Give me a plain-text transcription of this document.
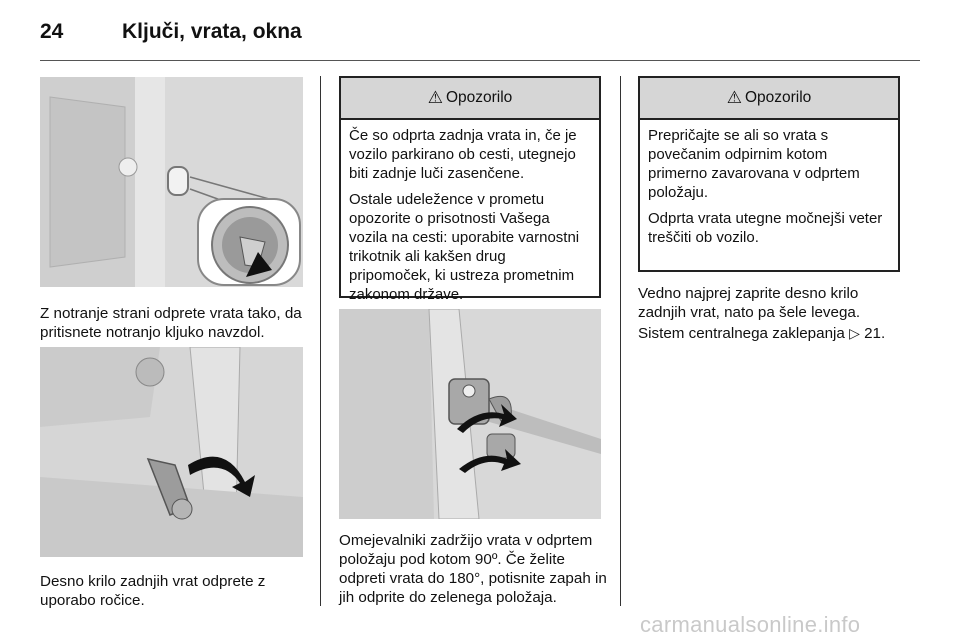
24	Ključi, vrata, okna

Z notranje strani odprete vrata tako, da pritisnete notranjo kljuko navzdol.

Desno krilo zadnjih vrat odprete z uporabo ročice.

⚠ Opozorilo

Če so odprta zadnja vrata in, če je vozilo parkirano ob cesti, utegnejo biti zadnje luči zasenčene.

Ostale udeležence v prometu opozorite o prisotnosti Vašega vozila na cesti: uporabite varnostni trikotnik ali kakšen drug pripomoček, ki ustreza prometnim zakonom države.

Omejevalniki zadržijo vrata v odprtem položaju pod kotom 90º. Če želite odpreti vrata do 180°, potisnite zapah in jih odprite do zelenega položaja.

⚠ Opozorilo

Prepričajte se ali so vrata s povečanim odpirnim kotom primerno zavarovana v odprtem položaju.

Odprta vrata utegne močnejši veter treščiti ob vozilo.

Vedno najprej zaprite desno krilo zadnjih vrat, nato pa šele levega.

Sistem centralnega zaklepanja ▷ 21.

carmanualsonline.info
